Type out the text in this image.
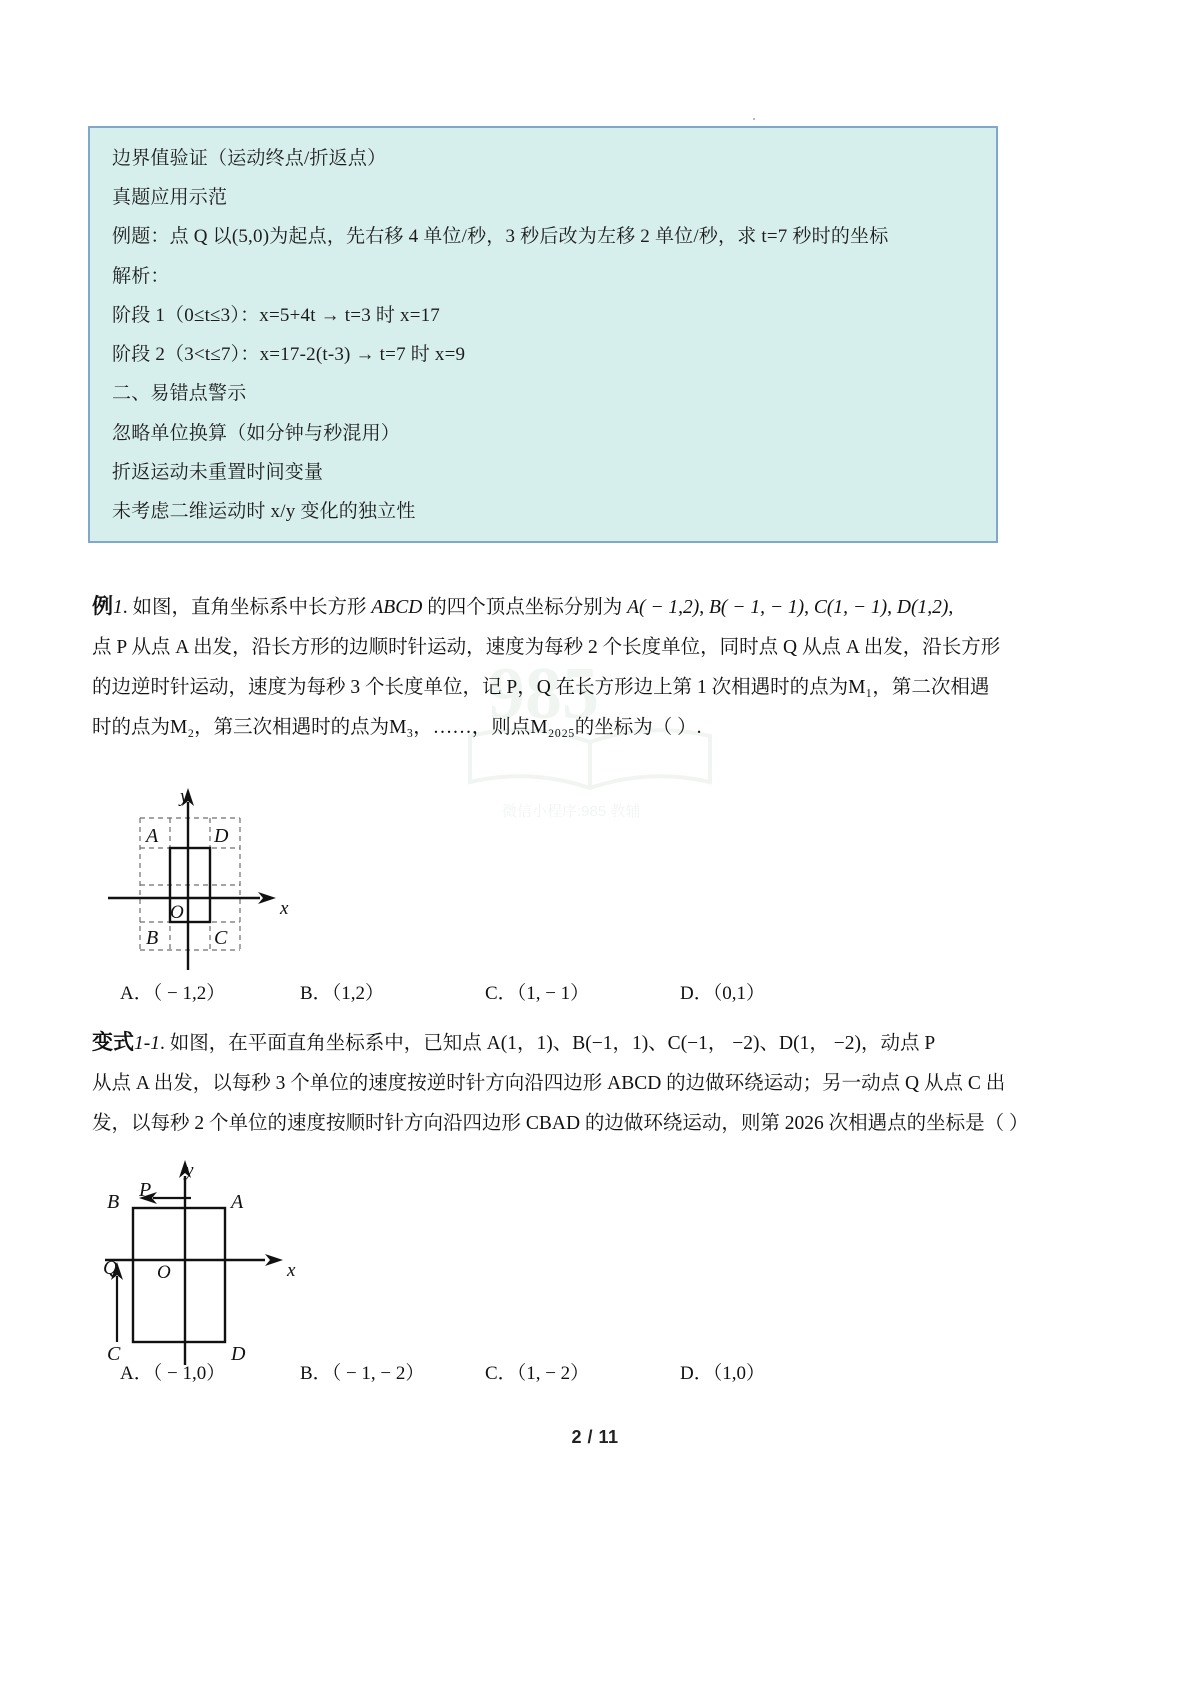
985
微信小程序:985 教辅

边界值验证（运动终点/折返点）

真题应用示范

例题：点 Q 以(5,0)为起点，先右移 4 单位/秒，3 秒后改为左移 2 单位/秒，求 t=7 秒时的坐标

解析：

阶段 1（0≤t≤3）：x=5+4t → t=3 时 x=17

阶段 2（3<t≤7）：x=17-2(t-3) → t=7 时 x=9

二、易错点警示

忽略单位换算（如分钟与秒混用）

折返运动未重置时间变量

未考虑二维运动时 x/y 变化的独立性

例1. 如图，直角坐标系中长方形 ABCD 的四个顶点坐标分别为 A( − 1,2), B( − 1, − 1), C(1, − 1), D(1,2),
点 P 从点 A 出发，沿长方形的边顺时针运动，速度为每秒 2 个长度单位，同时点 Q 从点 A 出发，沿长方形
的边逆时针运动，速度为每秒 3 个长度单位，记 P，Q 在长方形边上第 1 次相遇时的点为M₁，第二次相遇
时的点为M₂，第三次相遇时的点为M₃，……，则点M₂₀₂₅的坐标为（ ）.
y
x
O
A	D
B	C
A．（ − 1,2）	B．（1,2）	C．（1, − 1）	D．（0,1）
变式1-1. 如图，在平面直角坐标系中，已知点 A(1，1)、B(−1，1)、C(−1， −2)、D(1， −2)，动点 P
从点 A 出发，以每秒 3 个单位的速度按逆时针方向沿四边形 ABCD 的边做环绕运动；另一动点 Q 从点 C 出
发，以每秒 2 个单位的速度按顺时针方向沿四边形 CBAD 的边做环绕运动，则第 2026 次相遇点的坐标是（ ）
y
x
O
B	A
C	D
P
Q
A．（ − 1,0）	B．（ − 1, − 2）	C．（1, − 2）	D．（1,0）
2 / 11
